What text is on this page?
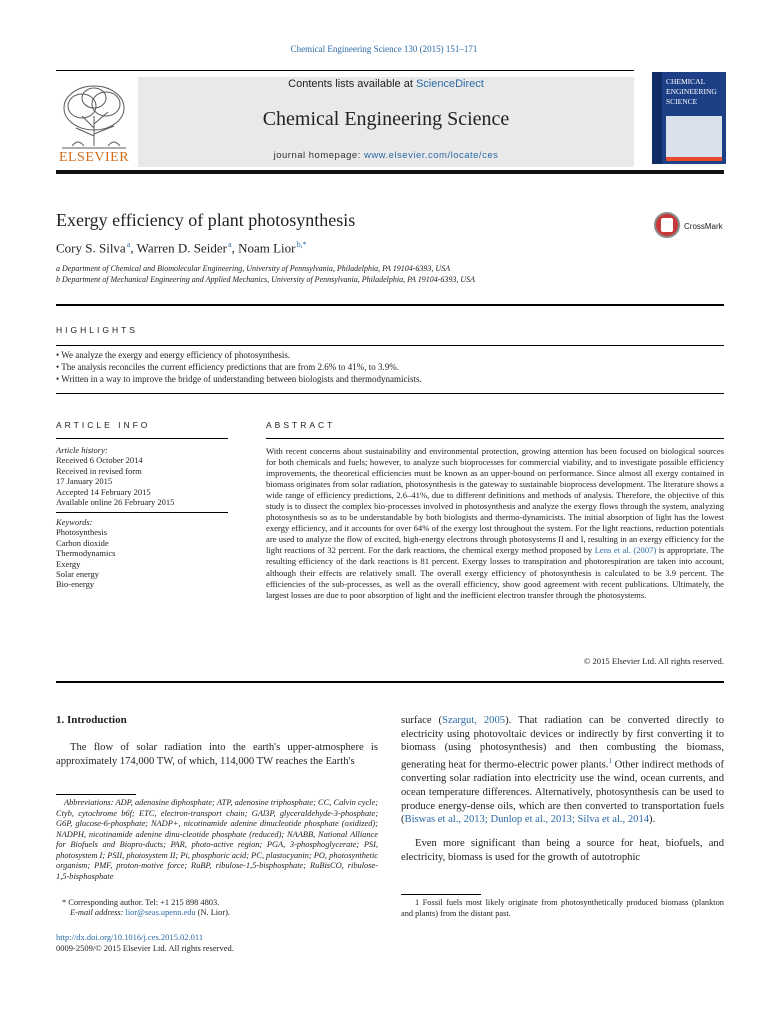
Chemical Engineering Science 130 (2015) 151–171
ELSEVIER
Contents lists available at ScienceDirect
Chemical Engineering Science
journal homepage: www.elsevier.com/locate/ces
CHEMICAL ENGINEERING SCIENCE
Exergy efficiency of plant photosynthesis
Cory S. Silva $^a$, Warren D. Seider $^a$, Noam Lior $^{b,*}$
a Department of Chemical and Biomolecular Engineering, University of Pennsylvania, Philadelphia, PA 19104-6393, USA
b Department of Mechanical Engineering and Applied Mechanics, University of Pennsylvania, Philadelphia, PA 19104-6393, USA
CrossMark
HIGHLIGHTS
• We analyze the exergy and energy efficiency of photosynthesis.
• The analysis reconciles the current efficiency predictions that are from 2.6% to 41%, to 3.9%.
• Written in a way to improve the bridge of understanding between biologists and thermodynamicists.
ARTICLE INFO
Article history:
Received 6 October 2014
Received in revised form
17 January 2015
Accepted 14 February 2015
Available online 26 February 2015
Keywords:
Photosynthesis
Carbon dioxide
Thermodynamics
Exergy
Solar energy
Bio-energy
ABSTRACT
With recent concerns about sustainability and environmental protection, growing attention has been focused on biological sources for both chemicals and fuels; however, to analyze such bioprocesses for commercial viability, and to investigate possible efficiency improvements, the theoretical efficiencies must be known as an upper-bound on performance. Since almost all exergy contained in biomass originates from solar radiation, photosynthesis is the gateway to sustainable bioprocess development. The literature shows a wide range of efficiency predictions, 2.6–41%, due to different definitions and methods of analysis. Therefore, the objective of this study is to dissect the complex bio-processes involved in photosynthesis and analyze the exergy flows through the system, analyzing photosynthesis so as to be understandable by both biologists and thermo-dynamicists. The initial absorption of light has the lowest exergy efficiency, and it accounts for over 64% of the exergy lost throughout the system. For the light reactions, reduction potentials are used to analyze the flow of excited, high-energy electrons through photosystems II and I, resulting in an exergy efficiency for the light reactions of 32 percent. For the dark reactions, the chemical exergy method proposed by Lens et al. (2007) is appropriate. The resulting efficiency of the dark reactions is 81 percent. Exergy losses to transpiration and photorespiration are taken into account, although their effects are relatively small. The overall exergy efficiency of photosynthesis is calculated to be 3.9 percent. The efficiencies of the sub-processes, as well as the overall efficiency, show good agreement with recent publications. Ultimately, the largest losses are due to poor absorption of light and the inefficient electron transfer through the photosystems.
© 2015 Elsevier Ltd. All rights reserved.
1. Introduction
The flow of solar radiation into the earth's upper-atmosphere is approximately 174,000 TW, of which, 114,000 TW reaches the Earth's
surface (Szargut, 2005). That radiation can be converted directly to electricity using photovoltaic devices or indirectly by first converting it to biomass (using photosynthesis) and then combusting the biomass, generating heat for thermo-electric power plants.$^1$ Other indirect methods of converting solar radiation into electricity use the wind, ocean currents, and ocean temperature differences. Alternatively, photosynthesis can be used to produce energy-dense oils, which are then converted to transportation fuels (Biswas et al., 2013; Dunlop et al., 2013; Silva et al., 2014).
Even more significant than being a source for heat, biofuels, and electricity, biomass is used for the growth of autotrophic
Abbreviations: ADP, adenosine diphosphate; ATP, adenosine triphosphate; CC, Calvin cycle; Ctyb, cytochrome b6f; ETC, electron-transport chain; GAl3P, glyceraldehyde-3-phosphate; G6P, glucose-6-phosphate; NADP+, nicotinamide adenine dinucleotide phosphate (oxidized); NADPH, nicotinamide adenine dinu-cleotide phosphate (reduced); NAABB, National Alliance for Biofuels and Biopro-ducts; PAR, photo-active region; PGA, 3-phosphoglycerate; PSI, photosystem I; PSII, photosystem II; Pi, phosphoric acid; PC, plastocyanin; PO, photosynthetic organism; PMF, proton-motive force; RuBP, ribulose-1,5-bisphosphate; RuBisCO, ribulose-1,5-bisphosphate
* Corresponding author. Tel: +1 215 898 4803.
E-mail address: lior@seas.upenn.edu (N. Lior).
http://dx.doi.org/10.1016/j.ces.2015.02.011
0009-2509/© 2015 Elsevier Ltd. All rights reserved.
1 Fossil fuels most likely originate from photosynthetically produced biomass (plankton and plants) from the distant past.
